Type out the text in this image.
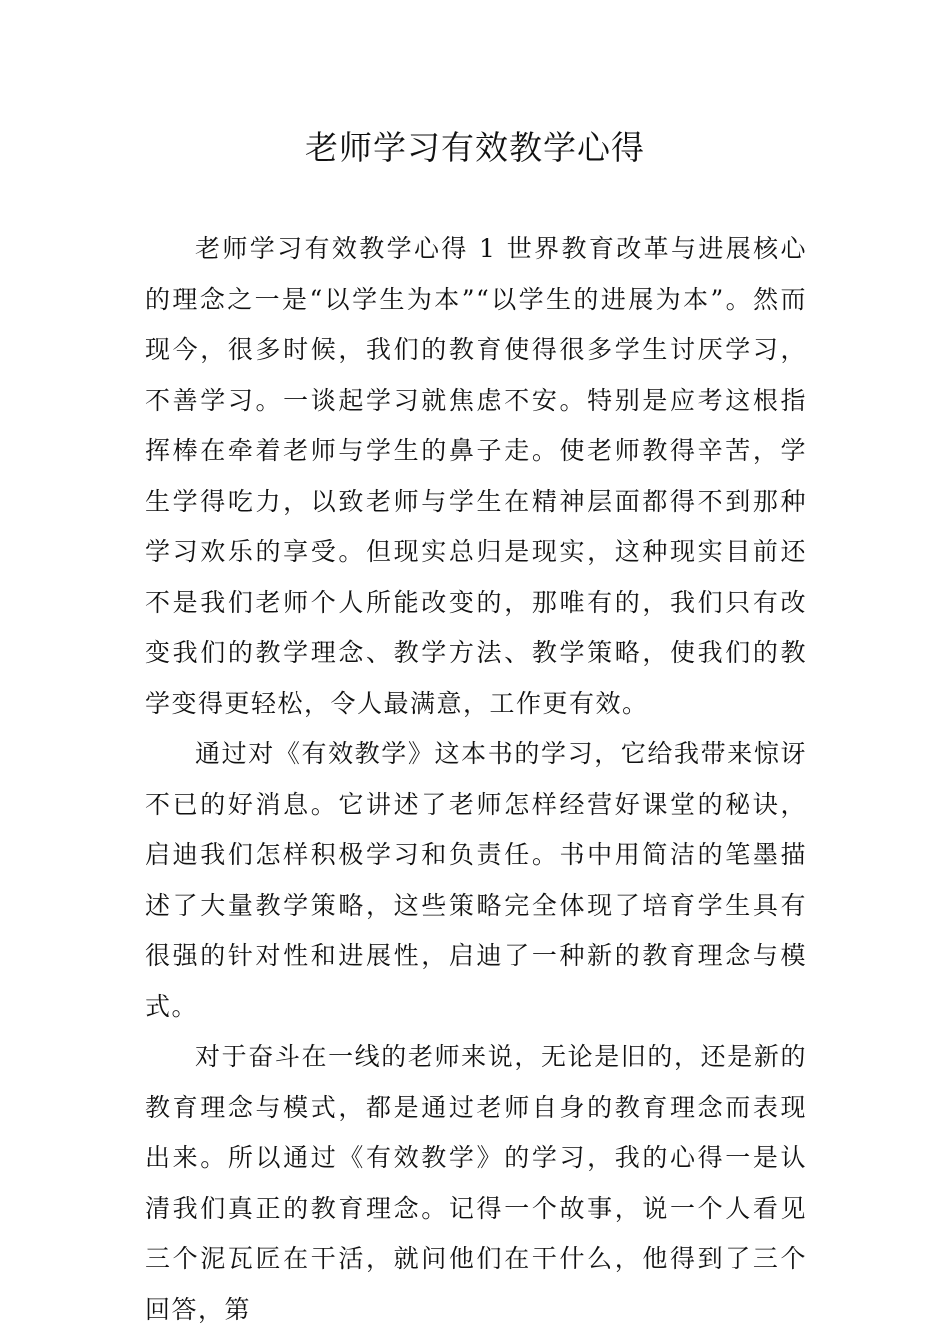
老师学习有效教学心得

老师学习有效教学心得 1 世界教育改革与进展核心的理念之一是“以学生为本”“以学生的进展为本”。然而现今，很多时候，我们的教育使得很多学生讨厌学习，不善学习。一谈起学习就焦虑不安。特别是应考这根指挥棒在牵着老师与学生的鼻子走。使老师教得辛苦，学生学得吃力，以致老师与学生在精神层面都得不到那种学习欢乐的享受。但现实总归是现实，这种现实目前还不是我们老师个人所能改变的，那唯有的，我们只有改变我们的教学理念、教学方法、教学策略，使我们的教学变得更轻松，令人最满意，工作更有效。

通过对《有效教学》这本书的学习，它给我带来惊讶不已的好消息。它讲述了老师怎样经营好课堂的秘诀，启迪我们怎样积极学习和负责任。书中用简洁的笔墨描述了大量教学策略，这些策略完全体现了培育学生具有很强的针对性和进展性，启迪了一种新的教育理念与模式。

对于奋斗在一线的老师来说，无论是旧的，还是新的教育理念与模式，都是通过老师自身的教育理念而表现出来。所以通过《有效教学》的学习，我的心得一是认清我们真正的教育理念。记得一个故事，说一个人看见三个泥瓦匠在干活，就问他们在干什么，他得到了三个回答，第
